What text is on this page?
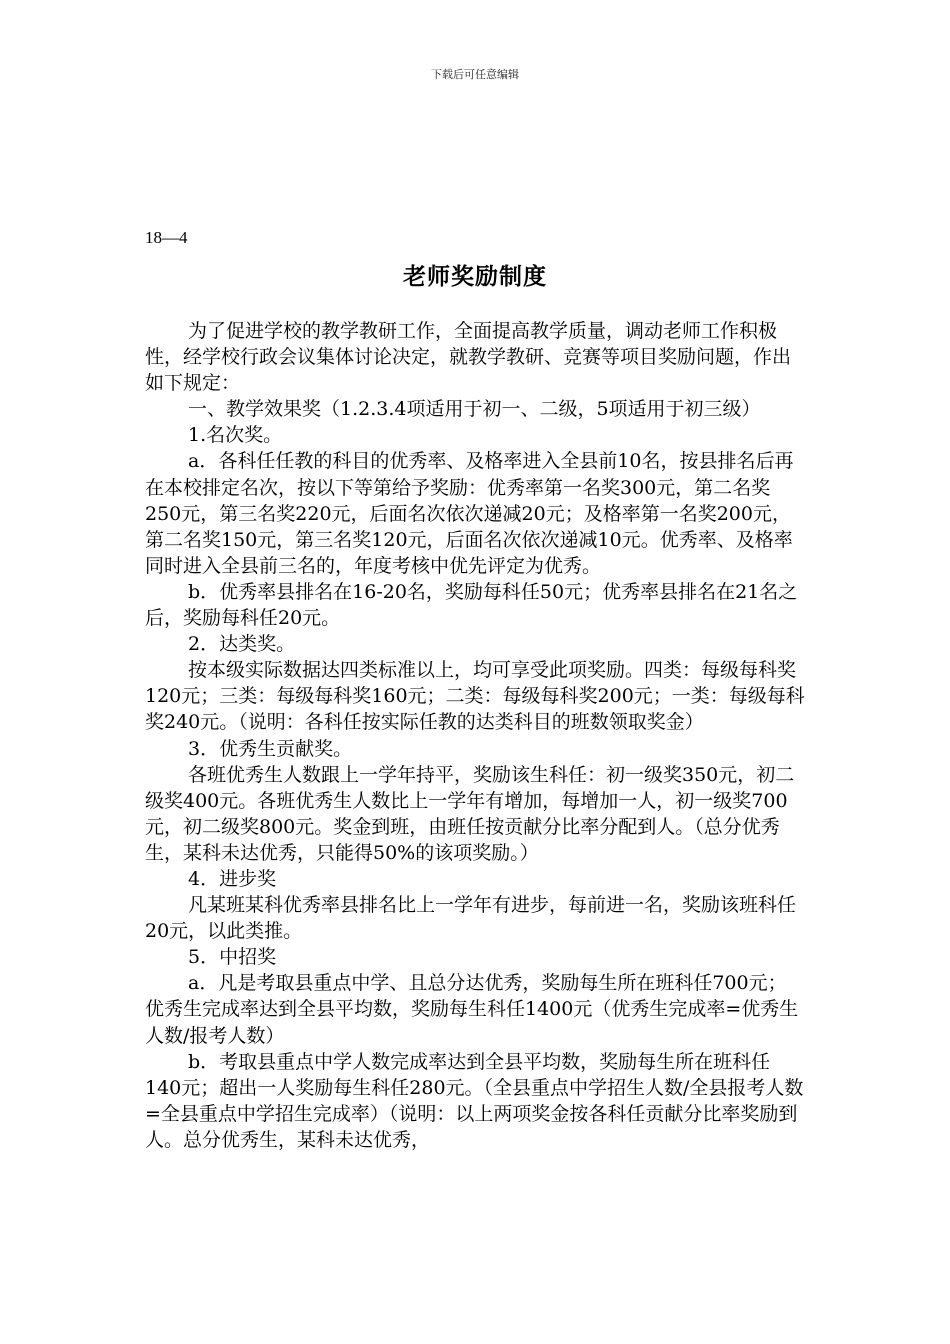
下载后可任意编辑
18—4
老师奖励制度

为了促进学校的教学教研工作，全面提高教学质量，调动老师工作积极性，经学校行政会议集体讨论决定，就教学教研、竞赛等项目奖励问题，作出如下规定：

一、教学效果奖（1.2.3.4项适用于初一、二级，5项适用于初三级）

1.名次奖。

a．各科任任教的科目的优秀率、及格率进入全县前10名，按县排名后再在本校排定名次，按以下等第给予奖励：优秀率第一名奖300元，第二名奖250元，第三名奖220元，后面名次依次递减20元；及格率第一名奖200元，第二名奖150元，第三名奖120元，后面名次依次递减10元。优秀率、及格率同时进入全县前三名的，年度考核中优先评定为优秀。

b．优秀率县排名在16-20名，奖励每科任50元；优秀率县排名在21名之后，奖励每科任20元。

2．达类奖。

按本级实际数据达四类标准以上，均可享受此项奖励。四类：每级每科奖120元；三类：每级每科奖160元；二类：每级每科奖200元；一类：每级每科奖240元。（说明：各科任按实际任教的达类科目的班数领取奖金）

3．优秀生贡献奖。

各班优秀生人数跟上一学年持平，奖励该生科任：初一级奖350元，初二级奖400元。各班优秀生人数比上一学年有增加，每增加一人，初一级奖700元，初二级奖800元。奖金到班，由班任按贡献分比率分配到人。（总分优秀生，某科未达优秀，只能得50%的该项奖励。）

4．进步奖

凡某班某科优秀率县排名比上一学年有进步，每前进一名，奖励该班科任20元，以此类推。

5．中招奖

a．凡是考取县重点中学、且总分达优秀，奖励每生所在班科任700元；优秀生完成率达到全县平均数，奖励每生科任1400元（优秀生完成率=优秀生人数/报考人数）

b．考取县重点中学人数完成率达到全县平均数，奖励每生所在班科任140元；超出一人奖励每生科任280元。（全县重点中学招生人数/全县报考人数=全县重点中学招生完成率）（说明：以上两项奖金按各科任贡献分比率奖励到人。总分优秀生，某科未达优秀，
